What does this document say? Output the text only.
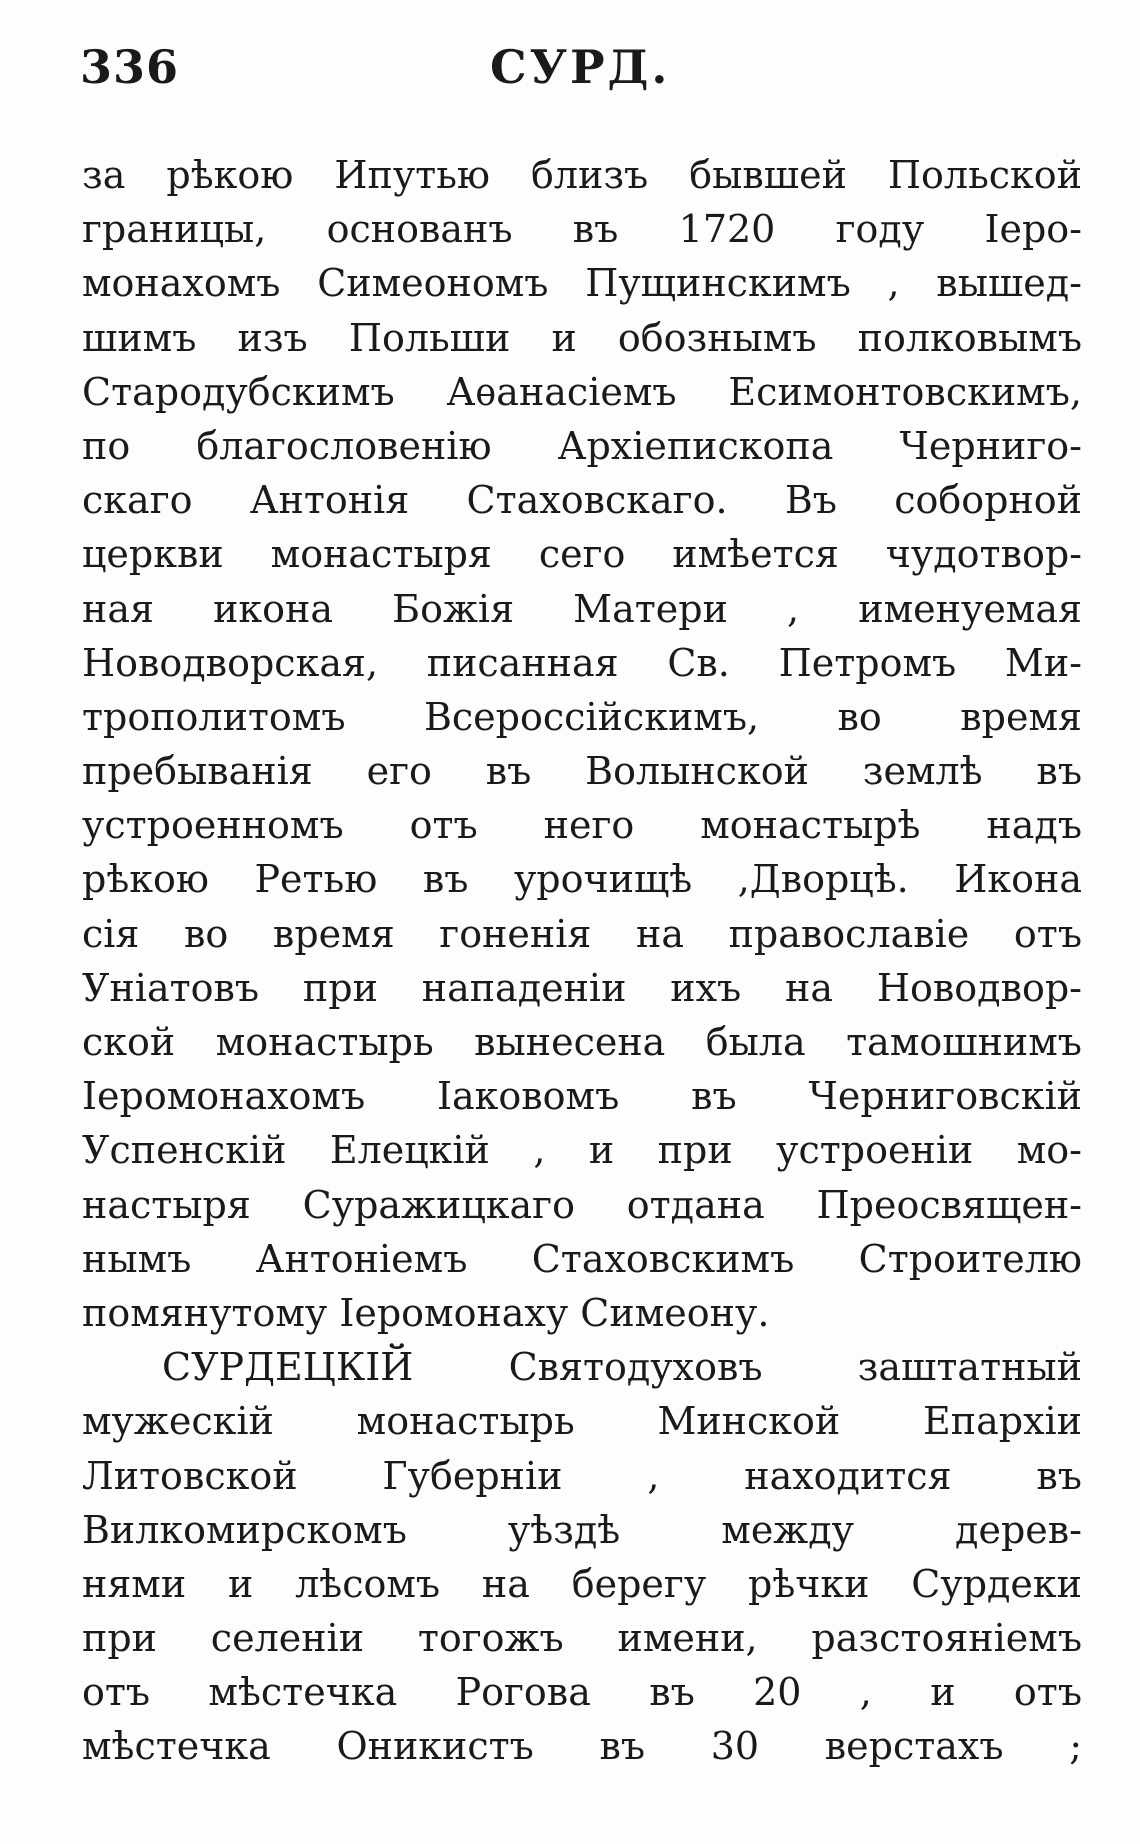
336	СУРД.
за рѣкою Ипутью близъ бывшей Польской
границы, основанъ въ 1720 году Іеро-
монахомъ Симеономъ Пущинскимъ , вышед-
шимъ изъ Польши и обознымъ полковымъ
Стародубскимъ Аѳанасіемъ Есимонтовскимъ,
по благословенію Архіепископа Черниго-
скаго Антонія Стаховскаго. Въ соборной
церкви монастыря сего имѣется чудотвор-
ная икона Божія Матери , именуемая
Новодворская, писанная Св. Петромъ Ми-
трополитомъ Всероссійскимъ, во время
пребыванія его въ Волынской землѣ въ
устроенномъ отъ него монастырѣ надъ
рѣкою Ретью въ урочищѣ ,Дворцѣ. Икона
сія во время гоненія на православіе отъ
Уніатовъ при нападеніи ихъ на Новодвор-
ской монастырь вынесена была тамошнимъ
Іеромонахомъ Іаковомъ въ Черниговскій
Успенскій Елецкій , и при устроеніи мо-
настыря Суражицкаго отдана Преосвящен-
нымъ Антоніемъ Стаховскимъ Строителю
помянутому Іеромонаху Симеону.
СУРДЕЦКІЙ Святодуховъ заштатный
мужескій монастырь Минской Епархіи
Литовской Губерніи , находится въ
Вилкомирскомъ уѣздѣ между дерев-
нями и лѣсомъ на берегу рѣчки Сурдеки
при селеніи тогожъ имени, разстояніемъ
отъ мѣстечка Рогова въ 20 , и отъ
мѣстечка Оникистъ въ 30 верстахъ ;
